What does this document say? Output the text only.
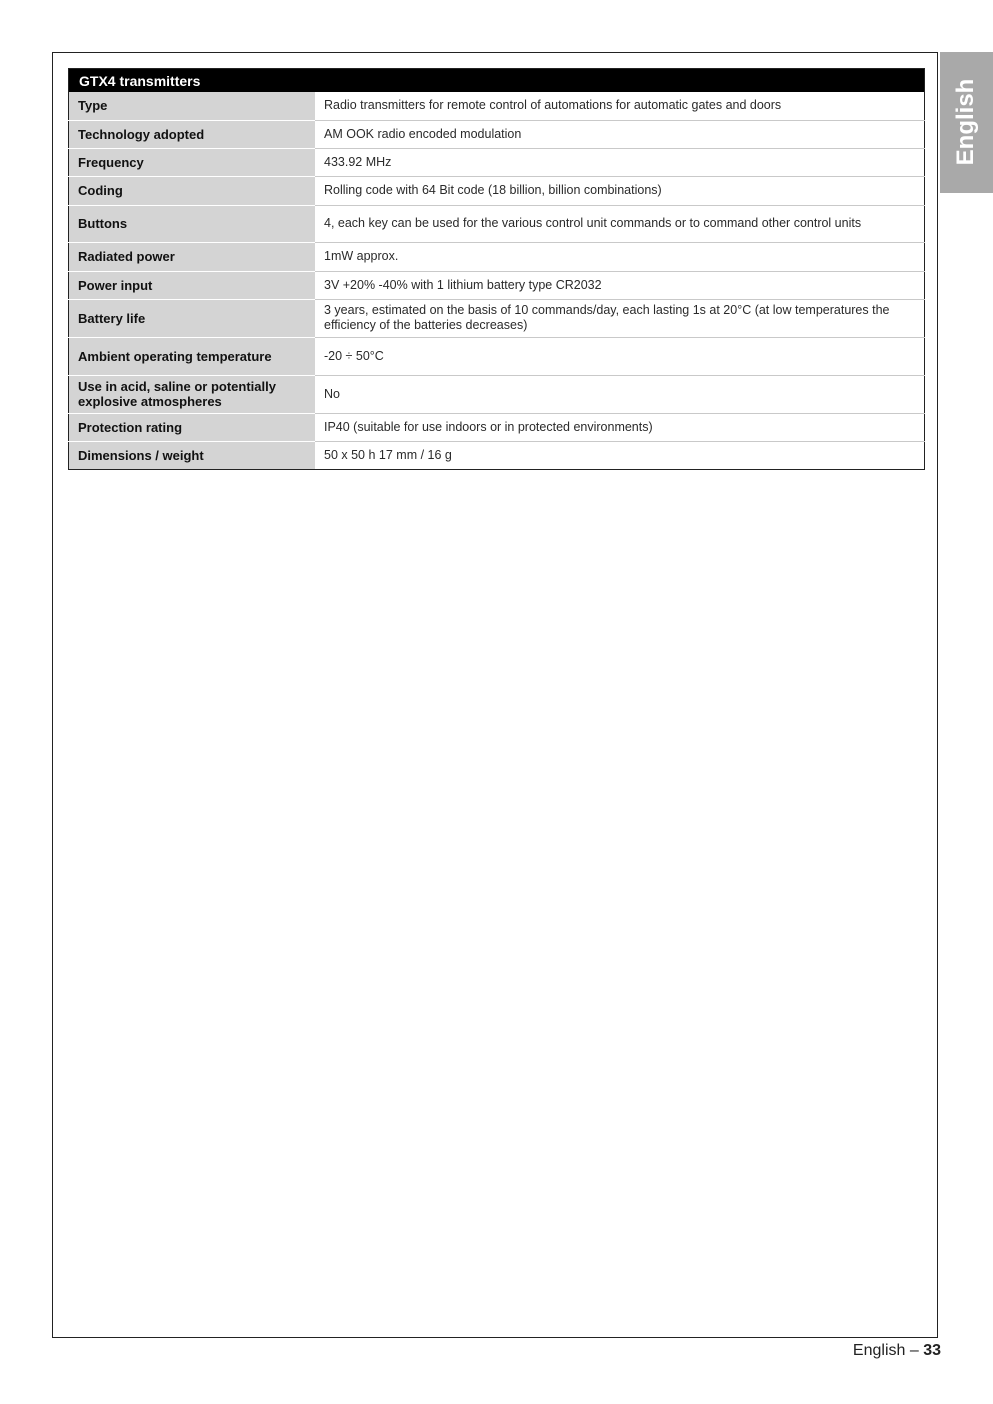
English
GTX4 transmitters	
Type	Radio transmitters for remote control of automations for automatic gates and doors
Technology adopted	AM OOK radio encoded modulation
Frequency	433.92 MHz
Coding	Rolling code with 64 Bit code (18 billion, billion combinations)
Buttons	4, each key can be used for the various control unit commands or to command other control units
Radiated power	1mW approx.
Power input	3V +20% -40% with 1 lithium battery type CR2032
Battery life	3 years, estimated on the basis of 10 commands/day, each lasting 1s at 20°C (at low temperatures the efficiency of the batteries decreases)
Ambient operating temperature	-20 ÷ 50°C
Use in acid, saline or potentially explosive atmospheres	No
Protection rating	IP40 (suitable for use indoors or in protected environments)
Dimensions / weight	50 x 50 h 17 mm / 16 g
English – 33
